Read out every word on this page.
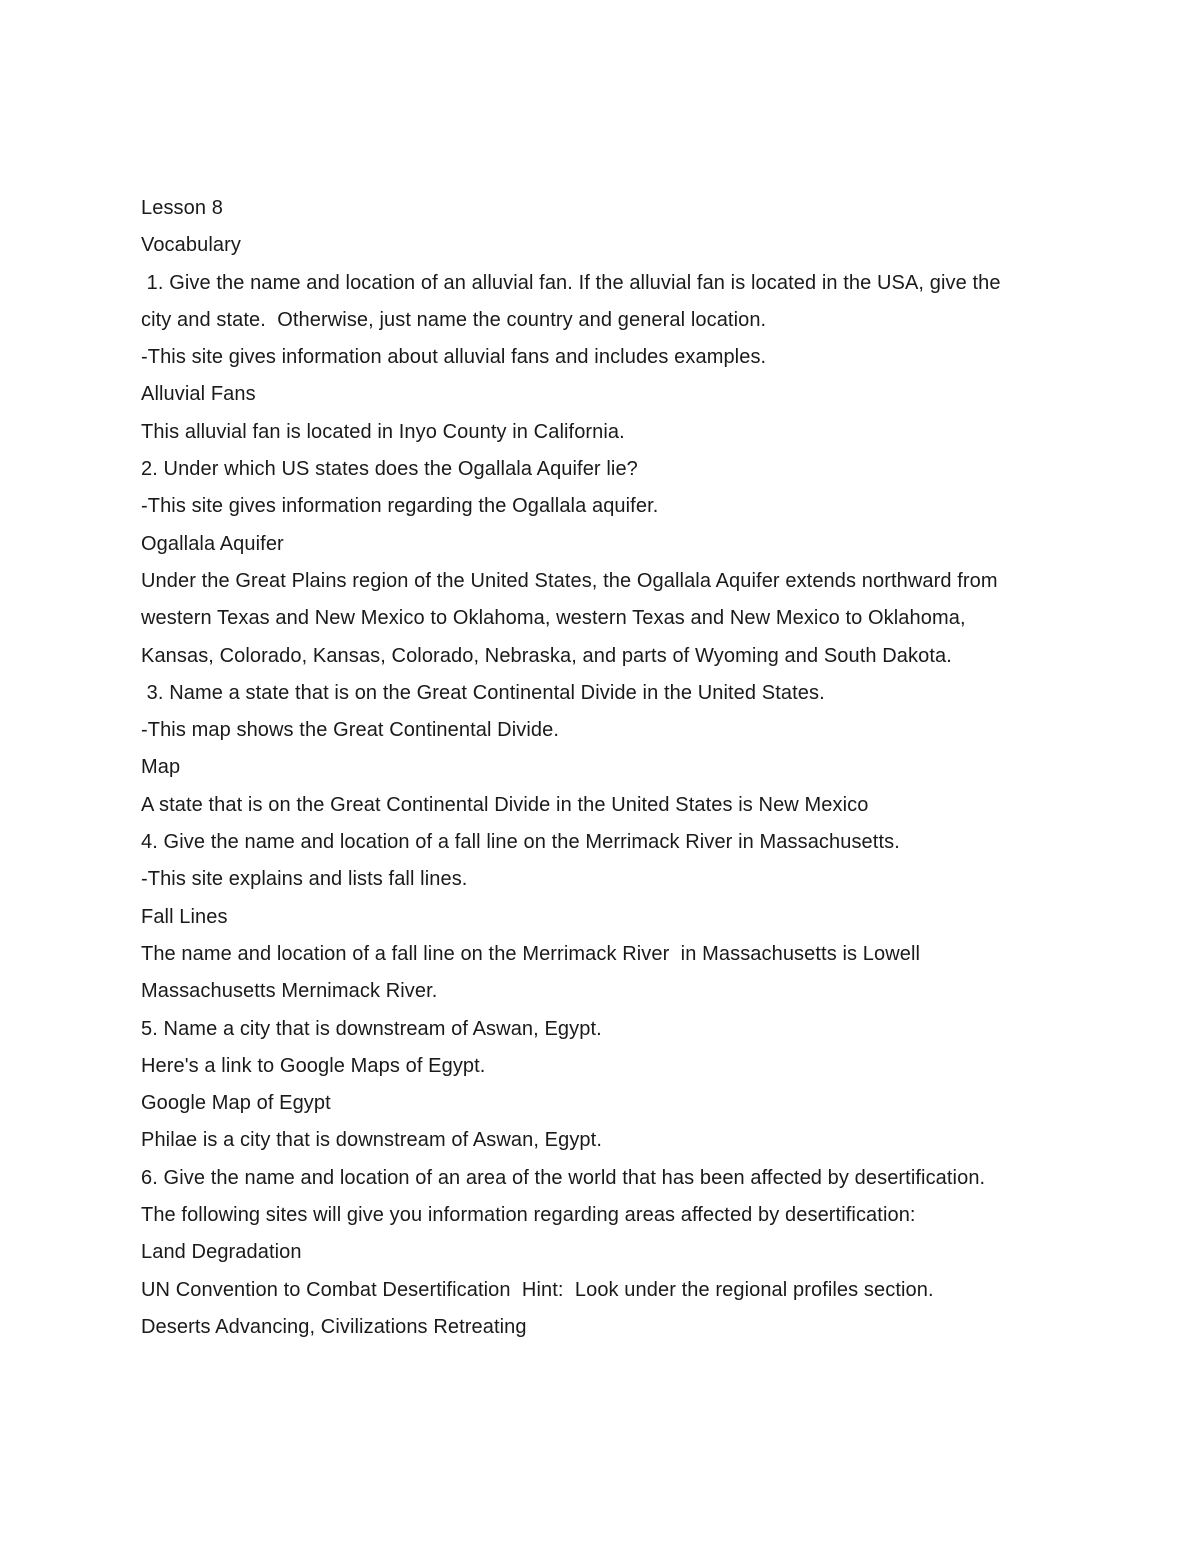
Lesson 8
Vocabulary
1. Give the name and location of an alluvial fan. If the alluvial fan is located in the USA, give the
city and state.  Otherwise, just name the country and general location.
-This site gives information about alluvial fans and includes examples.
Alluvial Fans
This alluvial fan is located in Inyo County in California.
2. Under which US states does the Ogallala Aquifer lie?
-This site gives information regarding the Ogallala aquifer.
Ogallala Aquifer
Under the Great Plains region of the United States, the Ogallala Aquifer extends northward from
western Texas and New Mexico to Oklahoma, western Texas and New Mexico to Oklahoma,
Kansas, Colorado, Kansas, Colorado, Nebraska, and parts of Wyoming and South Dakota.
3. Name a state that is on the Great Continental Divide in the United States.
-This map shows the Great Continental Divide.
Map
A state that is on the Great Continental Divide in the United States is New Mexico
4. Give the name and location of a fall line on the Merrimack River in Massachusetts.
-This site explains and lists fall lines.
Fall Lines
The name and location of a fall line on the Merrimack River  in Massachusetts is Lowell
Massachusetts Mernimack River.
5. Name a city that is downstream of Aswan, Egypt.
Here's a link to Google Maps of Egypt.
Google Map of Egypt
Philae is a city that is downstream of Aswan, Egypt.
6. Give the name and location of an area of the world that has been affected by desertification.
The following sites will give you information regarding areas affected by desertification:
Land Degradation
UN Convention to Combat Desertification  Hint:  Look under the regional profiles section.
Deserts Advancing, Civilizations Retreating
